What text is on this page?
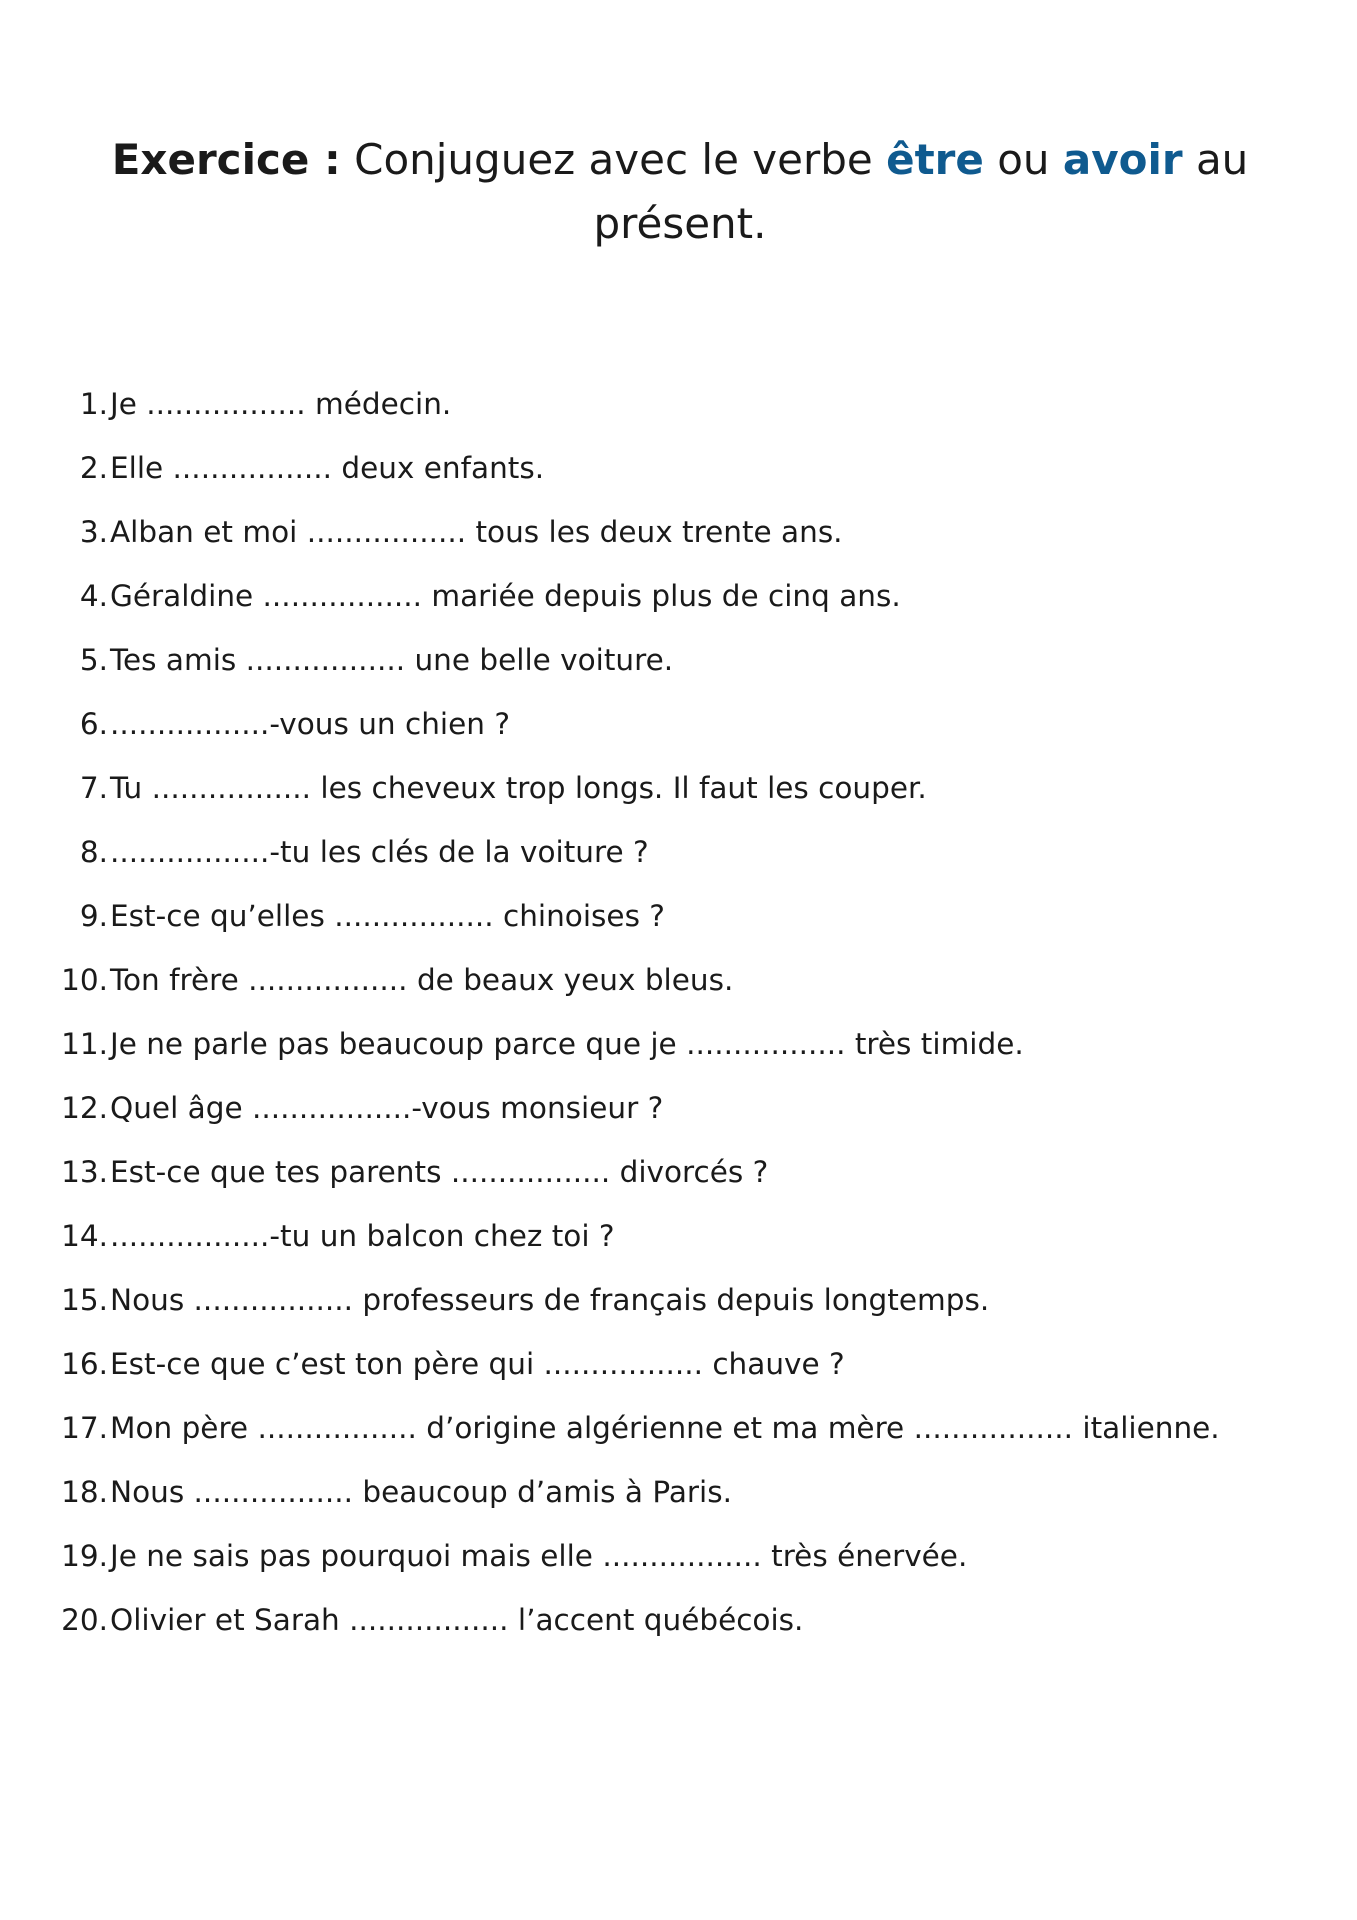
Exercice : Conjuguez avec le verbe être ou avoir au présent.
1. Je ................. médecin.
2. Elle ................. deux enfants.
3. Alban et moi ................. tous les deux trente ans.
4. Géraldine ................. mariée depuis plus de cinq ans.
5. Tes amis ................. une belle voiture.
6. .................-vous un chien ?
7. Tu ................. les cheveux trop longs. Il faut les couper.
8. .................-tu les clés de la voiture ?
9. Est-ce qu’elles ................. chinoises ?
10. Ton frère ................. de beaux yeux bleus.
11. Je ne parle pas beaucoup parce que je ................. très timide.
12. Quel âge .................-vous monsieur ?
13. Est-ce que tes parents ................. divorcés ?
14. .................-tu un balcon chez toi ?
15. Nous ................. professeurs de français depuis longtemps.
16. Est-ce que c’est ton père qui ................. chauve ?
17. Mon père ................. d’origine algérienne et ma mère ................. italienne.
18. Nous ................. beaucoup d’amis à Paris.
19. Je ne sais pas pourquoi mais elle ................. très énervée.
20. Olivier et Sarah ................. l’accent québécois.
